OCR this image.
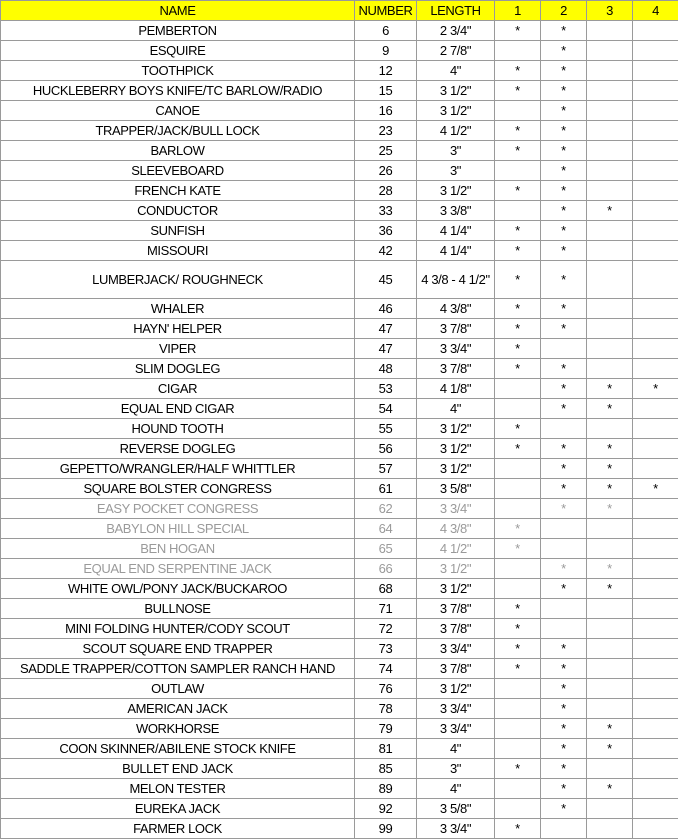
NAME	NUMBER	LENGTH	1	2	3	4
PEMBERTON	6	2 3/4"	*	*		
ESQUIRE	9	2 7/8"		*		
TOOTHPICK	12	4"	*	*		
HUCKLEBERRY BOYS KNIFE/TC BARLOW/RADIO	15	3 1/2"	*	*		
CANOE	16	3 1/2"		*		
TRAPPER/JACK/BULL LOCK	23	4 1/2"	*	*		
BARLOW	25	3"	*	*		
SLEEVEBOARD	26	3"		*		
FRENCH KATE	28	3 1/2"	*	*		
CONDUCTOR	33	3 3/8"		*	*	
SUNFISH	36	4 1/4"	*	*		
MISSOURI	42	4 1/4"	*	*		
LUMBERJACK/ ROUGHNECK	45	4 3/8 - 4 1/2"	*	*		
WHALER	46	4 3/8"	*	*		
HAYN' HELPER	47	3 7/8"	*	*		
VIPER	47	3 3/4"	*			
SLIM DOGLEG	48	3 7/8"	*	*		
CIGAR	53	4 1/8"		*	*	*
EQUAL END CIGAR	54	4"		*	*	
HOUND TOOTH	55	3 1/2"	*			
REVERSE DOGLEG	56	3 1/2"	*	*	*	
GEPETTO/WRANGLER/HALF WHITTLER	57	3 1/2"		*	*	
SQUARE BOLSTER CONGRESS	61	3 5/8"		*	*	*
EASY POCKET CONGRESS	62	3 3/4"		*	*	
BABYLON HILL SPECIAL	64	4 3/8"	*			
BEN HOGAN	65	4 1/2"	*			
EQUAL END SERPENTINE JACK	66	3 1/2"		*	*	
WHITE OWL/PONY JACK/BUCKAROO	68	3 1/2"		*	*	
BULLNOSE	71	3 7/8"	*			
MINI FOLDING HUNTER/CODY SCOUT	72	3 7/8"	*			
SCOUT SQUARE END TRAPPER	73	3 3/4"	*	*		
SADDLE TRAPPER/COTTON SAMPLER RANCH HAND	74	3 7/8"	*	*		
OUTLAW	76	3 1/2"		*		
AMERICAN JACK	78	3 3/4"		*		
WORKHORSE	79	3 3/4"		*	*	
COON SKINNER/ABILENE STOCK KNIFE	81	4"		*	*	
BULLET END JACK	85	3"	*	*		
MELON TESTER	89	4"		*	*	
EUREKA JACK	92	3 5/8"		*		
FARMER LOCK	99	3 3/4"	*			
